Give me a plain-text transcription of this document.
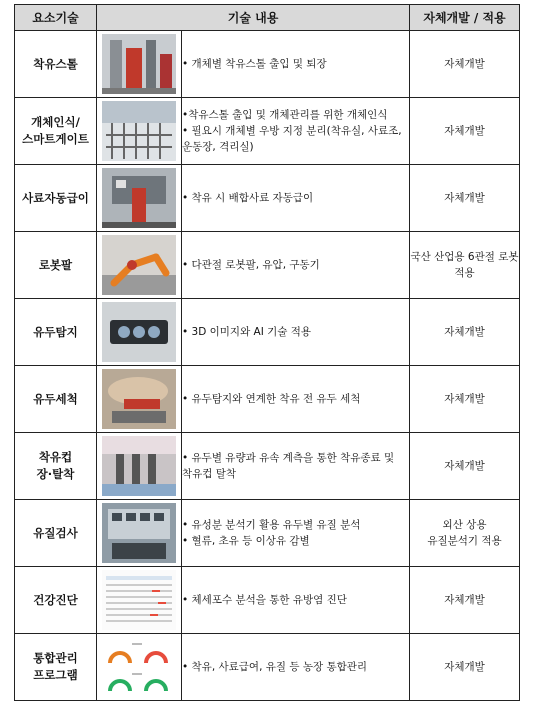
요소기술	기술 내용		자체개발 / 적용

착유스톨		• 개체별 착유스톨 출입 및 퇴장	자체개발

개체인식/
스마트게이트		•착유스톨 출입 및 개체관리를 위한 개체인식
• 필요시 개체별 우방 지정 분리(착유실, 사료조, 운동장, 격리실)	자체개발

사료자동급이		• 착유 시 배합사료 자동급이	자체개발

로봇팔		• 다관절 로봇팔, 유압, 구동기	국산 산업용 6관절 로봇
적용

유두탐지		• 3D 이미지와 AI 기술 적용	자체개발

유두세척		• 유두탐지와 연계한 착유 전 유두 세척	자체개발

착유컵
장·탈착		• 유두별 유량과 유속 계측을 통한 착유종료 및 착유컵 탈착	자체개발

유질검사		• 유성분 분석기 활용 유두별 유질 분석
• 혈류, 초유 등 이상유 감별	외산 상용
유질분석기 적용

건강진단		• 체세포수 분석을 통한 유방염 진단	자체개발

통합관리
프로그램		• 착유, 사료급여, 유질 등 농장 통합관리	자체개발
